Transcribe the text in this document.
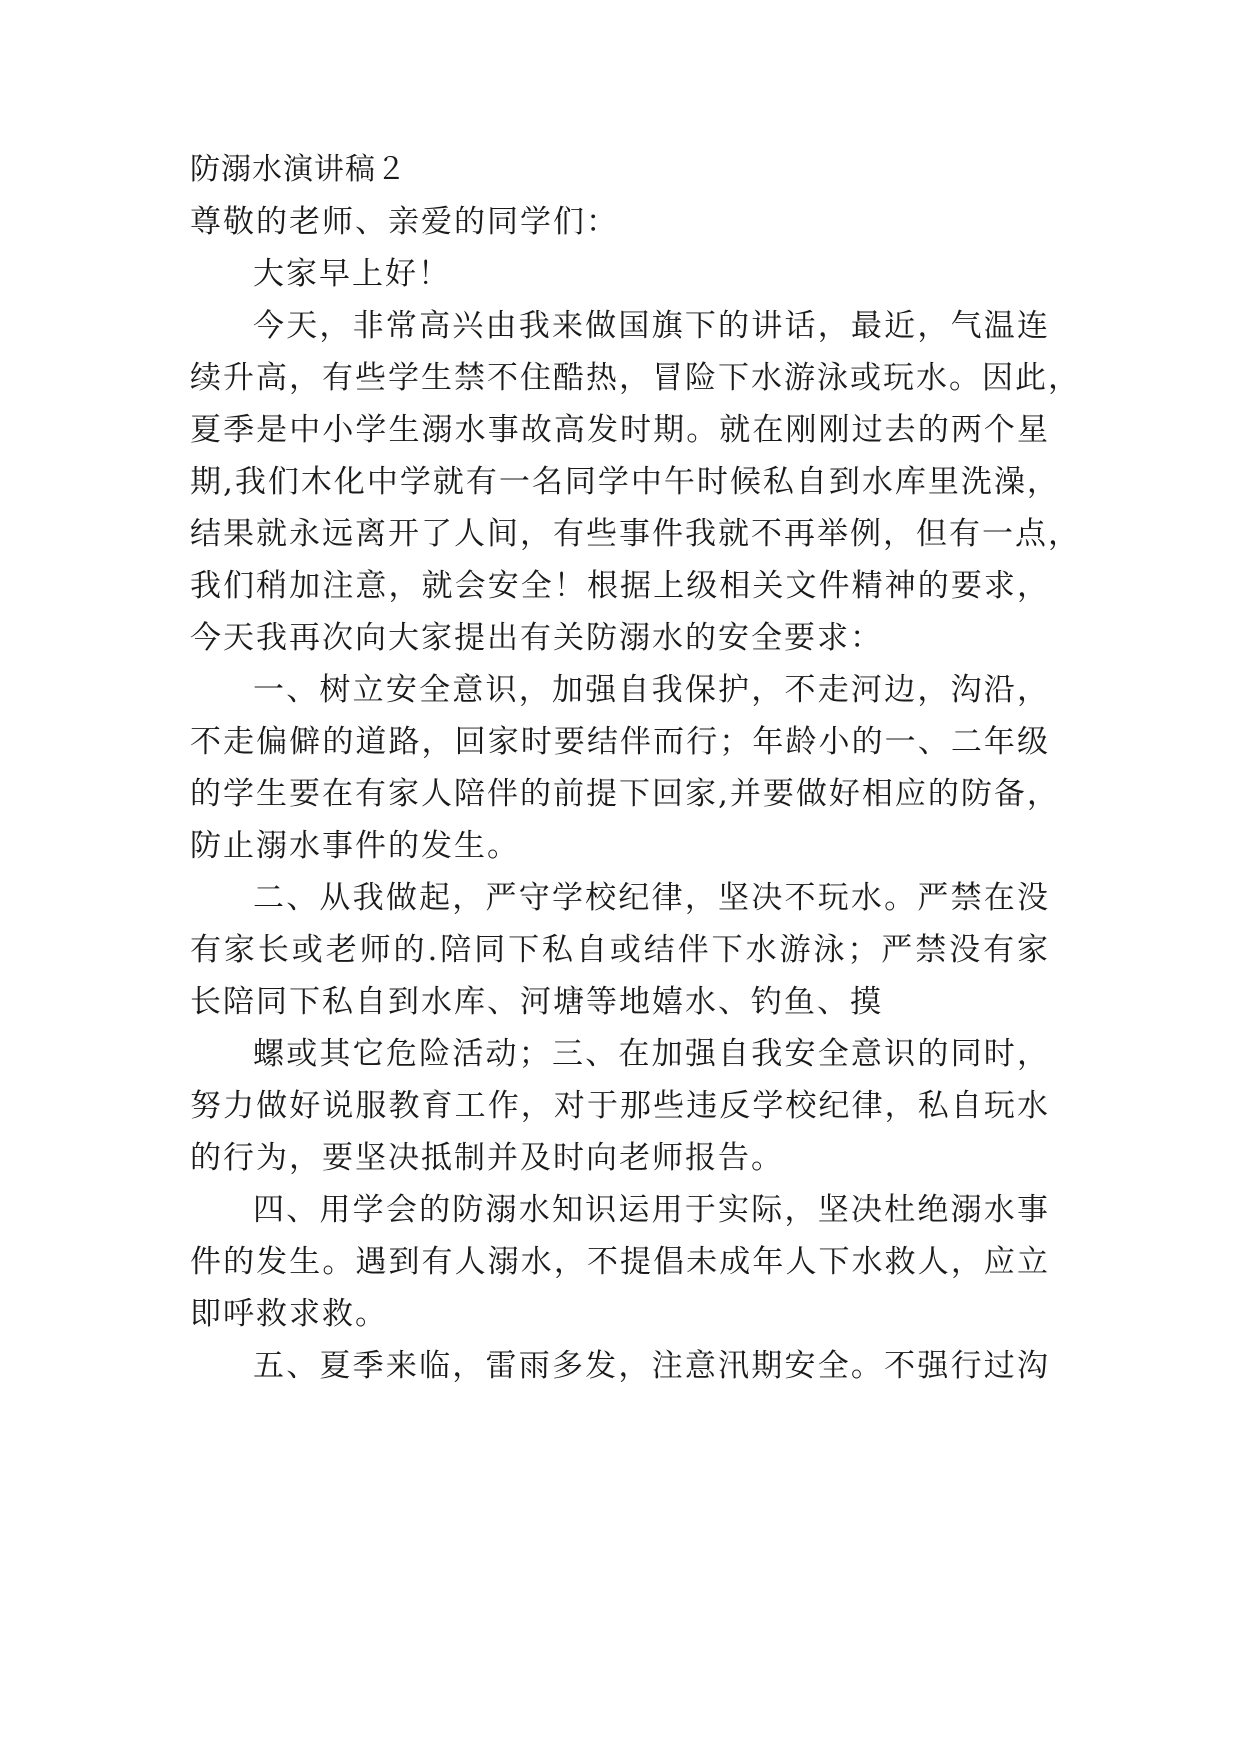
防溺水演讲稿２
尊敬的老师、亲爱的同学们：
大家早上好！
今天，非常高兴由我来做国旗下的讲话，最近，气温连
续升高，有些学生禁不住酷热，冒险下水游泳或玩水。因此，
夏季是中小学生溺水事故高发时期。就在刚刚过去的两个星
期,我们木化中学就有一名同学中午时候私自到水库里洗澡，
结果就永远离开了人间，有些事件我就不再举例，但有一点，
我们稍加注意，就会安全！根据上级相关文件精神的要求，
今天我再次向大家提出有关防溺水的安全要求：
一、树立安全意识，加强自我保护，不走河边，沟沿，
不走偏僻的道路，回家时要结伴而行；年龄小的一、二年级
的学生要在有家人陪伴的前提下回家,并要做好相应的防备，
防止溺水事件的发生。
二、从我做起，严守学校纪律，坚决不玩水。严禁在没
有家长或老师的.陪同下私自或结伴下水游泳；严禁没有家
长陪同下私自到水库、河塘等地嬉水、钓鱼、摸
螺或其它危险活动；三、在加强自我安全意识的同时，
努力做好说服教育工作，对于那些违反学校纪律，私自玩水
的行为，要坚决抵制并及时向老师报告。
四、用学会的防溺水知识运用于实际，坚决杜绝溺水事
件的发生。遇到有人溺水，不提倡未成年人下水救人，应立
即呼救求救。
五、夏季来临，雷雨多发，注意汛期安全。不强行过沟
